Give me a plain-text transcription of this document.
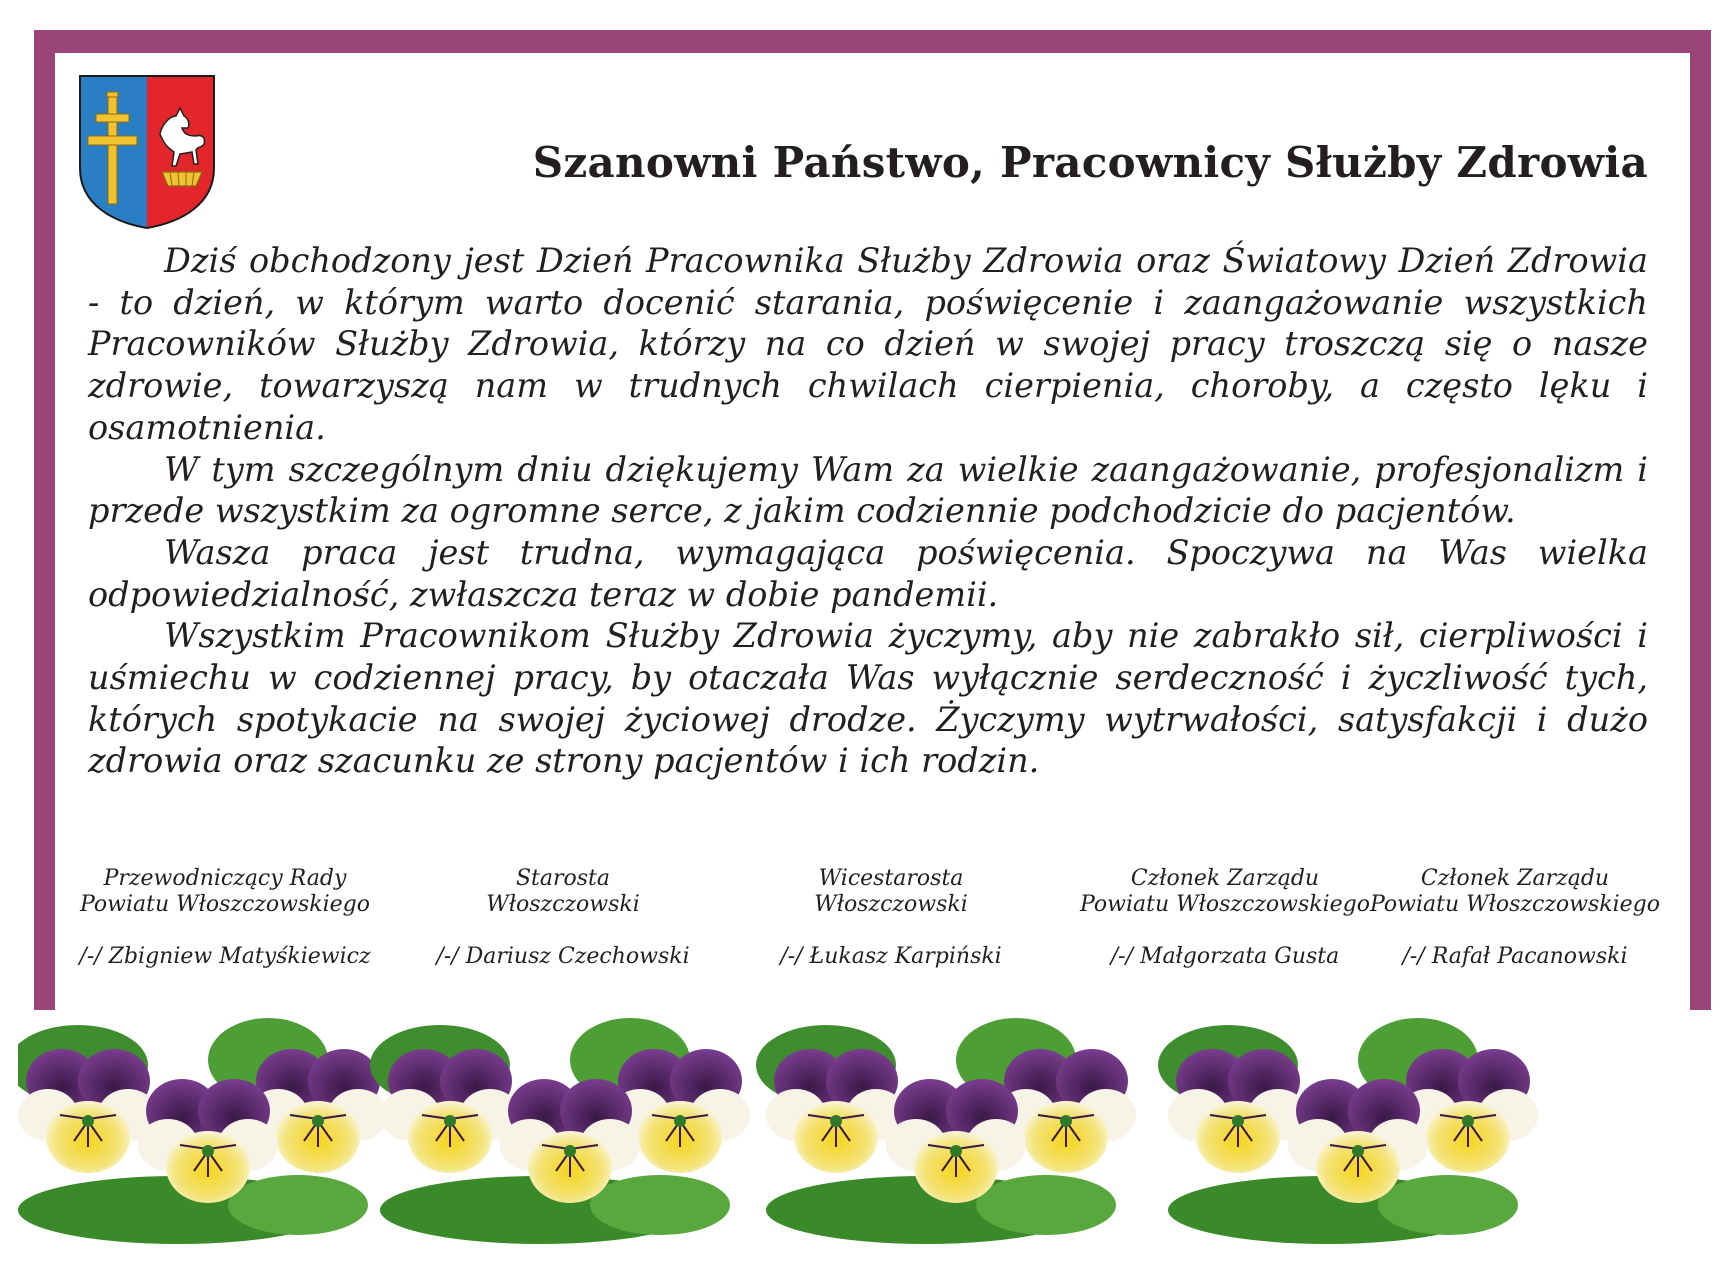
Szanowni Państwo, Pracownicy Służby Zdrowia

Dziś obchodzony jest Dzień Pracownika Służby Zdrowia oraz Światowy Dzień Zdrowia - to dzień, w którym warto docenić starania, poświęcenie i zaangażowanie wszystkich Pracowników Służby Zdrowia, którzy na co dzień w swojej pracy troszczą się o nasze zdrowie, towarzyszą nam w trudnych chwilach cierpienia, choroby, a często lęku i osamotnienia.

W tym szczególnym dniu dziękujemy Wam za wielkie zaangażowanie, profesjonalizm i przede wszystkim za ogromne serce, z jakim codziennie podchodzicie do pacjentów.

Wasza praca jest trudna, wymagająca poświęcenia. Spoczywa na Was wielka odpowiedzialność, zwłaszcza teraz w dobie pandemii.

Wszystkim Pracownikom Służby Zdrowia życzymy, aby nie zabrakło sił, cierpliwości i uśmiechu w codziennej pracy, by otaczała Was wyłącznie serdeczność i życzliwość tych, których spotykacie na swojej życiowej drodze. Życzymy wytrwałości, satysfakcji i dużo zdrowia oraz szacunku ze strony pacjentów i ich rodzin.

Przewodniczący Rady
Powiatu Włoszczowskiego
/-/ Zbigniew Matyśkiewicz
Starosta
Włoszczowski
/-/ Dariusz Czechowski
Wicestarosta
Włoszczowski
/-/ Łukasz Karpiński
Członek Zarządu
Powiatu Włoszczowskiego
/-/ Małgorzata Gusta
Członek Zarządu
Powiatu Włoszczowskiego
/-/ Rafał Pacanowski
